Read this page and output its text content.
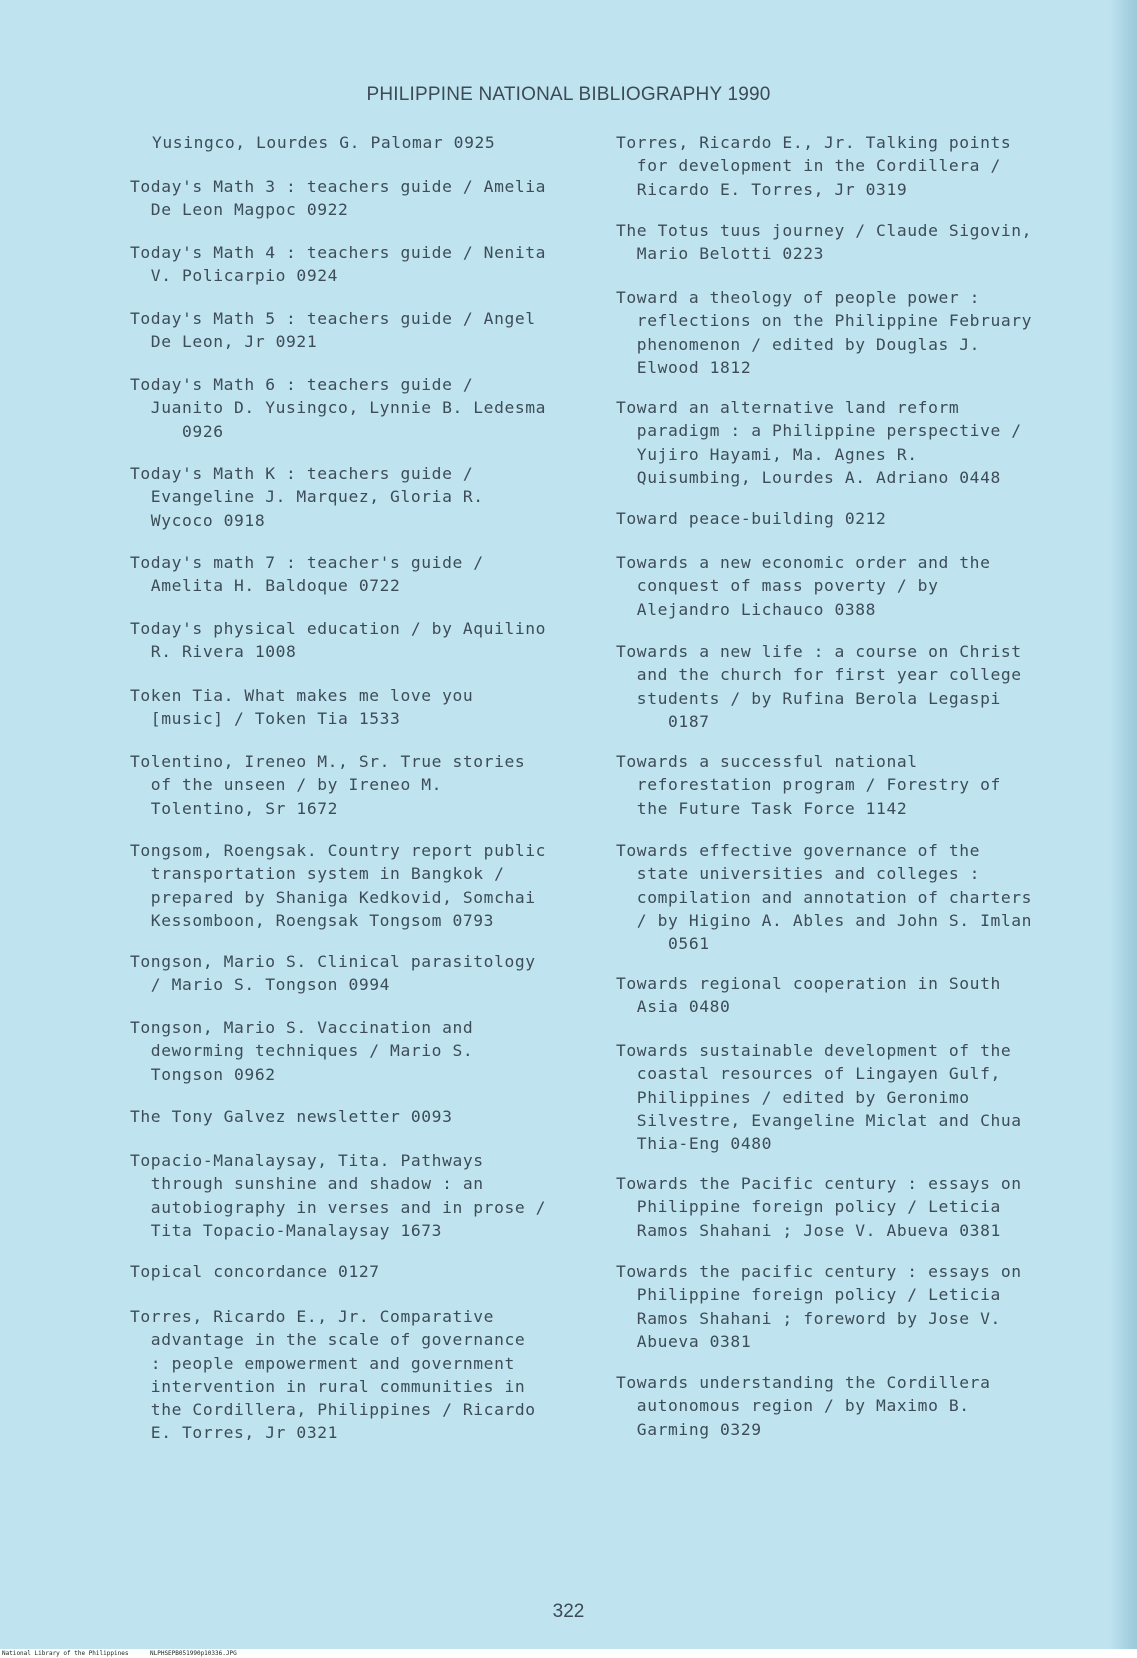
PHILIPPINE NATIONAL BIBLIOGRAPHY 1990
Yusingco, Lourdes G. Palomar 0925
Today's Math 3 : teachers guide / Amelia
De Leon Magpoc 0922
Today's Math 4 : teachers guide / Nenita
V. Policarpio 0924
Today's Math 5 : teachers guide / Angel
De Leon, Jr 0921
Today's Math 6 : teachers guide /
Juanito D. Yusingco, Lynnie B. Ledesma
0926
Today's Math K : teachers guide /
Evangeline J. Marquez, Gloria R.
Wycoco 0918
Today's math 7 : teacher's guide /
Amelita H. Baldoque 0722
Today's physical education / by Aquilino
R. Rivera 1008
Token Tia. What makes me love you
[music] / Token Tia 1533
Tolentino, Ireneo M., Sr. True stories
of the unseen / by Ireneo M.
Tolentino, Sr 1672
Tongsom, Roengsak. Country report public
transportation system in Bangkok /
prepared by Shaniga Kedkovid, Somchai
Kessomboon, Roengsak Tongsom 0793
Tongson, Mario S. Clinical parasitology
/ Mario S. Tongson 0994
Tongson, Mario S. Vaccination and
deworming techniques / Mario S.
Tongson 0962
The Tony Galvez newsletter 0093
Topacio-Manalaysay, Tita. Pathways
through sunshine and shadow : an
autobiography in verses and in prose /
Tita Topacio-Manalaysay 1673
Topical concordance 0127
Torres, Ricardo E., Jr. Comparative
advantage in the scale of governance
: people empowerment and government
intervention in rural communities in
the Cordillera, Philippines / Ricardo
E. Torres, Jr 0321
Torres, Ricardo E., Jr. Talking points
for development in the Cordillera /
Ricardo E. Torres, Jr 0319
The Totus tuus journey / Claude Sigovin,
Mario Belotti 0223
Toward a theology of people power :
reflections on the Philippine February
phenomenon / edited by Douglas J.
Elwood 1812
Toward an alternative land reform
paradigm : a Philippine perspective /
Yujiro Hayami, Ma. Agnes R.
Quisumbing, Lourdes A. Adriano 0448
Toward peace-building 0212
Towards a new economic order and the
conquest of mass poverty / by
Alejandro Lichauco 0388
Towards a new life : a course on Christ
and the church for first year college
students / by Rufina Berola Legaspi
0187
Towards a successful national
reforestation program / Forestry of
the Future Task Force 1142
Towards effective governance of the
state universities and colleges :
compilation and annotation of charters
/ by Higino A. Ables and John S. Imlan
0561
Towards regional cooperation in South
Asia 0480
Towards sustainable development of the
coastal resources of Lingayen Gulf,
Philippines / edited by Geronimo
Silvestre, Evangeline Miclat and Chua
Thia-Eng 0480
Towards the Pacific century : essays on
Philippine foreign policy / Leticia
Ramos Shahani ; Jose V. Abueva 0381
Towards the pacific century : essays on
Philippine foreign policy / Leticia
Ramos Shahani ; foreword by Jose V.
Abueva 0381
Towards understanding the Cordillera
autonomous region / by Maximo B.
Garming 0329
322
National Library of the Philippines	NLPHSEPB051990p10336.JPG
